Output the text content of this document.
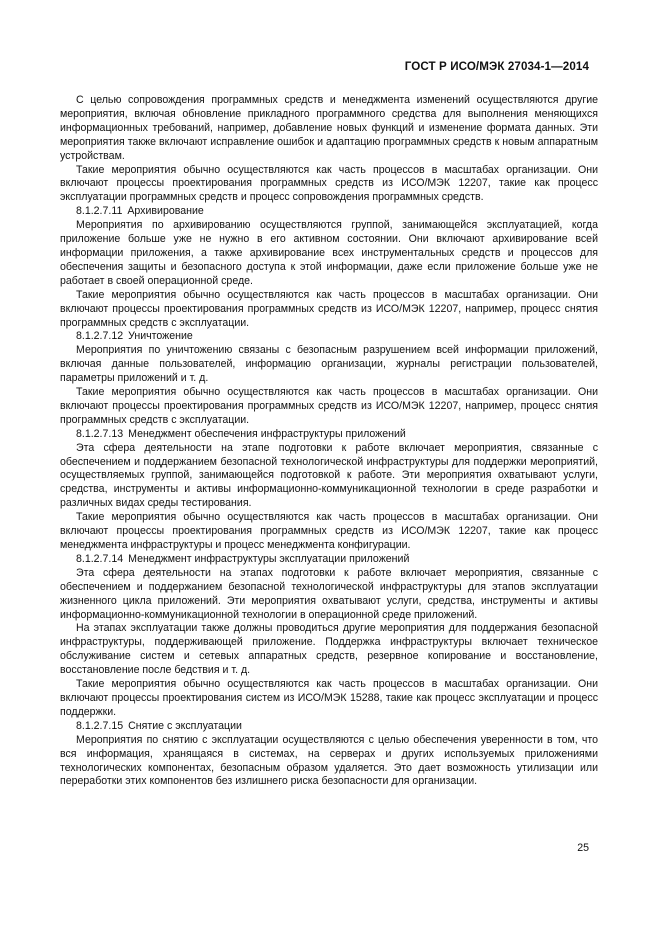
ГОСТ Р ИСО/МЭК 27034-1—2014

С целью сопровождения программных средств и менеджмента изменений осуществляются другие мероприятия, включая обновление прикладного программного средства для выполнения меняющихся информационных требований, например, добавление новых функций и изменение формата данных. Эти мероприятия также включают исправление ошибок и адаптацию программных средств к новым аппаратным устройствам.

Такие мероприятия обычно осуществляются как часть процессов в масштабах организации. Они включают процессы проектирования программных средств из ИСО/МЭК 12207, такие как процесс эксплуатации программных средств и процесс сопровождения программных средств.

8.1.2.7.11 Архивирование

Мероприятия по архивированию осуществляются группой, занимающейся эксплуатацией, когда приложение больше уже не нужно в его активном состоянии. Они включают архивирование всей информации приложения, а также архивирование всех инструментальных средств и процессов для обеспечения защиты и безопасного доступа к этой информации, даже если приложение больше уже не работает в своей операционной среде.

Такие мероприятия обычно осуществляются как часть процессов в масштабах организации. Они включают процессы проектирования программных средств из ИСО/МЭК 12207, например, процесс снятия программных средств с эксплуатации.

8.1.2.7.12 Уничтожение

Мероприятия по уничтожению связаны с безопасным разрушением всей информации приложений, включая данные пользователей, информацию организации, журналы регистрации пользователей, параметры приложений и т. д.

Такие мероприятия обычно осуществляются как часть процессов в масштабах организации. Они включают процессы проектирования программных средств из ИСО/МЭК 12207, например, процесс снятия программных средств с эксплуатации.

8.1.2.7.13 Менеджмент обеспечения инфраструктуры приложений

Эта сфера деятельности на этапе подготовки к работе включает мероприятия, связанные с обеспечением и поддержанием безопасной технологической инфраструктуры для поддержки мероприятий, осуществляемых группой, занимающейся подготовкой к работе. Эти мероприятия охватывают услуги, средства, инструменты и активы информационно-коммуникационной технологии в среде разработки и различных видах среды тестирования.

Такие мероприятия обычно осуществляются как часть процессов в масштабах организации. Они включают процессы проектирования программных средств из ИСО/МЭК 12207, такие как процесс менеджмента инфраструктуры и процесс менеджмента конфигурации.

8.1.2.7.14 Менеджмент инфраструктуры эксплуатации приложений

Эта сфера деятельности на этапах подготовки к работе включает мероприятия, связанные с обеспечением и поддержанием безопасной технологической инфраструктуры для этапов эксплуатации жизненного цикла приложений. Эти мероприятия охватывают услуги, средства, инструменты и активы информационно-коммуникационной технологии в операционной среде приложений.

На этапах эксплуатации также должны проводиться другие мероприятия для поддержания безопасной инфраструктуры, поддерживающей приложение. Поддержка инфраструктуры включает техническое обслуживание систем и сетевых аппаратных средств, резервное копирование и восстановление, восстановление после бедствия и т. д.

Такие мероприятия обычно осуществляются как часть процессов в масштабах организации. Они включают процессы проектирования систем из ИСО/МЭК 15288, такие как процесс эксплуатации и процесс поддержки.

8.1.2.7.15 Снятие с эксплуатации

Мероприятия по снятию с эксплуатации осуществляются с целью обеспечения уверенности в том, что вся информация, хранящаяся в системах, на серверах и других используемых приложениями технологических компонентах, безопасным образом удаляется. Это дает возможность утилизации или переработки этих компонентов без излишнего риска безопасности для организации.

25
